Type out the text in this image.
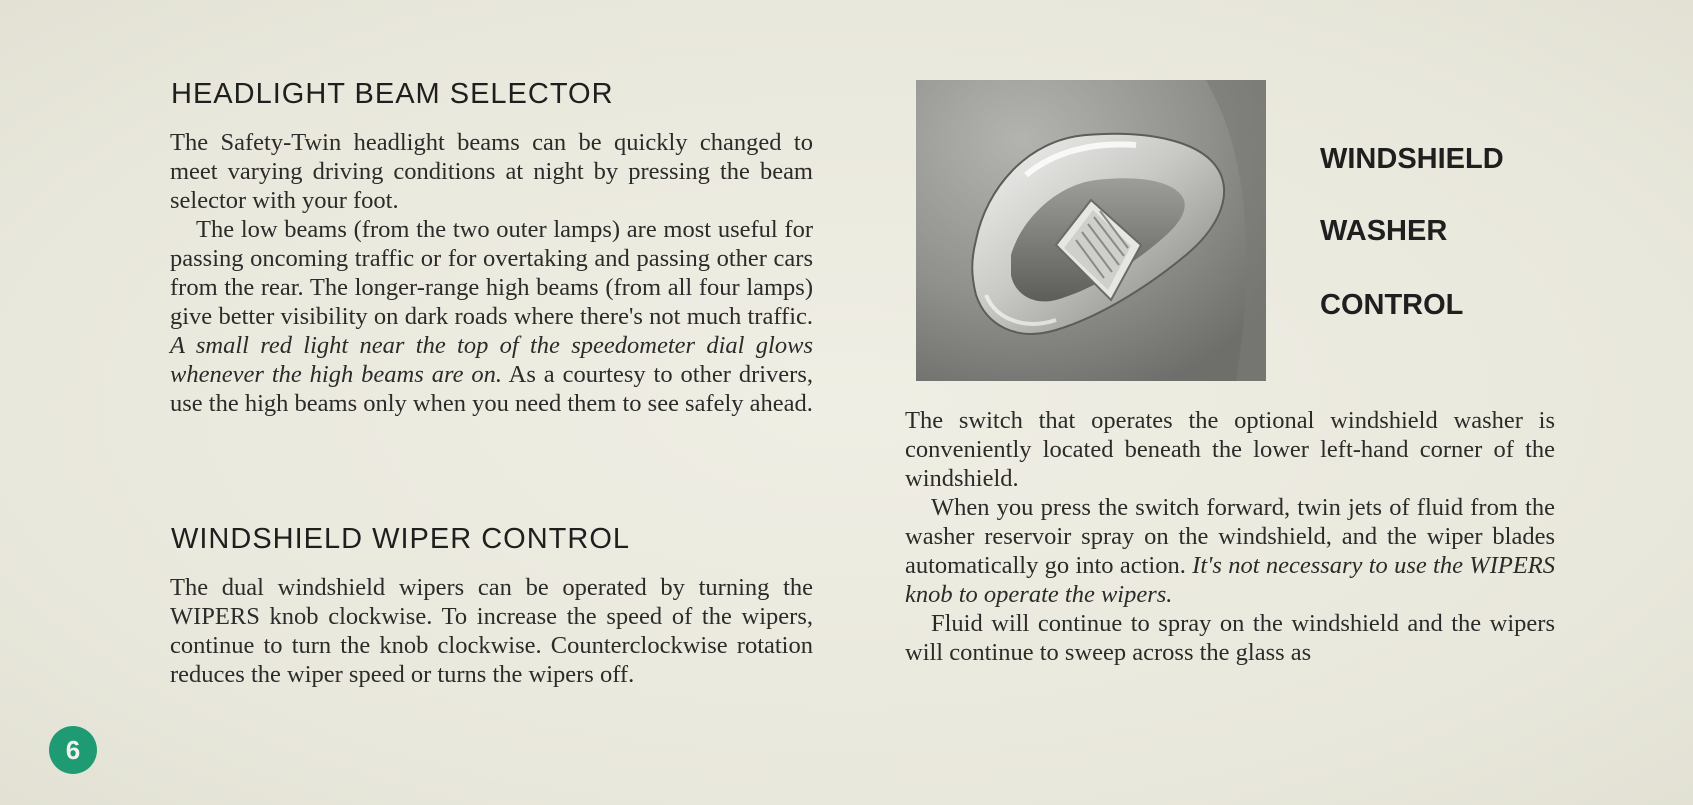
HEADLIGHT BEAM SELECTOR

The Safety-Twin headlight beams can be quickly changed to meet varying driving conditions at night by pressing the beam selector with your foot.

The low beams (from the two outer lamps) are most useful for passing oncoming traffic or for overtaking and passing other cars from the rear. The longer-range high beams (from all four lamps) give better visibility on dark roads where there's not much traffic. A small red light near the top of the speedometer dial glows whenever the high beams are on. As a courtesy to other drivers, use the high beams only when you need them to see safely ahead.

WINDSHIELD WIPER CONTROL

The dual windshield wipers can be operated by turning the WIPERS knob clockwise. To increase the speed of the wipers, continue to turn the knob clockwise. Counterclockwise rotation reduces the wiper speed or turns the wipers off.

WINDSHIELD
WASHER
CONTROL

The switch that operates the optional windshield washer is conveniently located beneath the lower left-hand corner of the windshield.

When you press the switch forward, twin jets of fluid from the washer reservoir spray on the windshield, and the wiper blades automatically go into action. It's not necessary to use the WIPERS knob to operate the wipers.

Fluid will continue to spray on the windshield and the wipers will continue to sweep across the glass as

6
